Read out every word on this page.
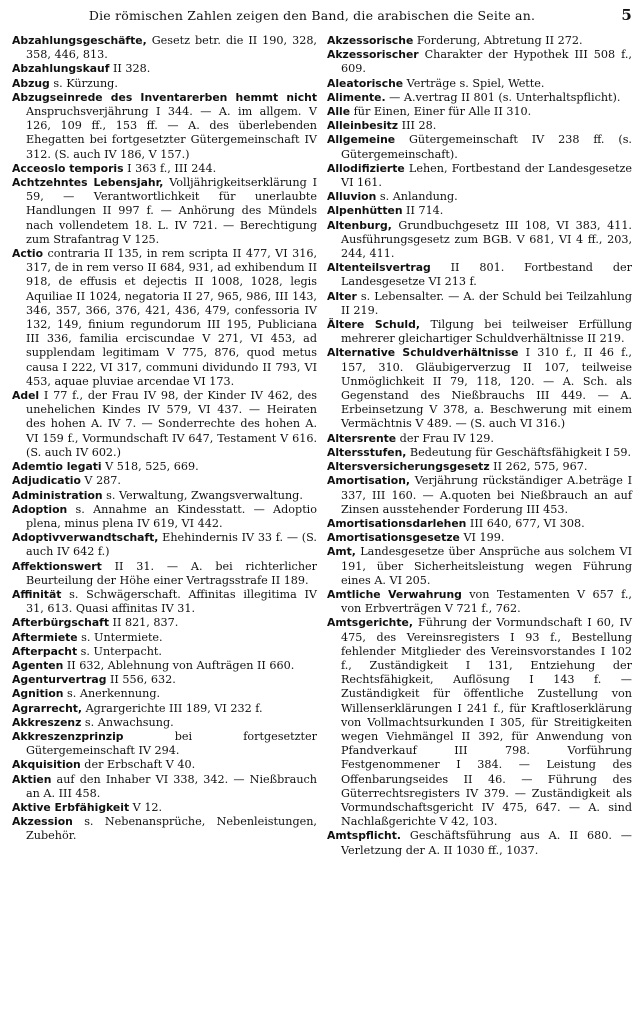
Die römischen Zahlen zeigen den Band, die arabischen die Seite an.	5

Abzahlungsgeschäfte, Gesetz betr. die II 190, 328, 358, 446, 813.

Abzahlungskauf II 328.

Abzug s. Kürzung.

Abzugseinrede des Inventarerben hemmt nicht Anspruchsverjährung I 344. — A. im allgem. V 126, 109 ff., 153 ff. — A. des überlebenden Ehegatten bei fortgesetzter Gütergemeinschaft IV 312. (S. auch IV 186, V 157.)

Acceoslo temporis I 363 f., III 244.

Achtzehntes Lebensjahr, Volljährigkeitserklärung I 59, — Verantwortlichkeit für unerlaubte Handlungen II 997 f. — Anhörung des Mündels nach vollendetem 18. L. IV 721. — Berechtigung zum Strafantrag V 125.

Actio contraria II 135, in rem scripta II 477, VI 316, 317, de in rem verso II 684, 931, ad exhibendum II 918, de effusis et dejectis II 1008, 1028, legis Aquiliae II 1024, negatoria II 27, 965, 986, III 143, 346, 357, 366, 376, 421, 436, 479, confessoria IV 132, 149, finium regundorum III 195, Publiciana III 336, familia erciscundae V 271, VI 453, ad supplendam legitimam V 775, 876, quod metus causa I 222, VI 317, communi dividundo II 793, VI 453, aquae pluviae arcendae VI 173.

Adel I 77 f., der Frau IV 98, der Kinder IV 462, des unehelichen Kindes IV 579, VI 437. — Heiraten des hohen A. IV 7. — Sonderrechte des hohen A. VI 159 f., Vormundschaft IV 647, Testament V 616. (S. auch IV 602.)

Ademtio legati V 518, 525, 669.

Adjudicatio V 287.

Administration s. Verwaltung, Zwangsverwaltung.

Adoption s. Annahme an Kindesstatt. — Adoptio plena, minus plena IV 619, VI 442.

Adoptivverwandtschaft, Ehehindernis IV 33 f. — (S. auch IV 642 f.)

Affektionswert II 31. — A. bei richterlicher Beurteilung der Höhe einer Vertragsstrafe II 189.

Affinität s. Schwägerschaft. Affinitas illegitima IV 31, 613. Quasi affinitas IV 31.

Afterbürgschaft II 821, 837.

Aftermiete s. Untermiete.

Afterpacht s. Unterpacht.

Agenten II 632, Ablehnung von Aufträgen II 660.

Agenturvertrag II 556, 632.

Agnition s. Anerkennung.

Agrarrecht, Agrargerichte III 189, VI 232 f.

Akkreszenz s. Anwachsung.

Akkreszenzprinzip bei fortgesetzter Gütergemeinschaft IV 294.

Akquisition der Erbschaft V 40.

Aktien auf den Inhaber VI 338, 342. — Nießbrauch an A. III 458.

Aktive Erbfähigkeit V 12.

Akzession s. Nebenansprüche, Nebenleistungen, Zubehör.

Akzessorische Forderung, Abtretung II 272.

Akzessorischer Charakter der Hypothek III 508 f., 609.

Aleatorische Verträge s. Spiel, Wette.

Alimente. — A.vertrag II 801 (s. Unterhaltspflicht).

Alle für Einen, Einer für Alle II 310.

Alleinbesitz III 28.

Allgemeine Gütergemeinschaft IV 238 ff. (s. Gütergemeinschaft).

Allodifizierte Lehen, Fortbestand der Landesgesetze VI 161.

Alluvion s. Anlandung.

Alpenhütten II 714.

Altenburg, Grundbuchgesetz III 108, VI 383, 411. Ausführungsgesetz zum BGB. V 681, VI 4 ff., 203, 244, 411.

Altenteilsvertrag II 801. Fortbestand der Landesgesetze VI 213 f.

Alter s. Lebensalter. — A. der Schuld bei Teilzahlung II 219.

Ältere Schuld, Tilgung bei teilweiser Erfüllung mehrerer gleichartiger Schuldverhältnisse II 219.

Alternative Schuldverhältnisse I 310 f., II 46 f., 157, 310. Gläubigerverzug II 107, teilweise Unmöglichkeit II 79, 118, 120. — A. Sch. als Gegenstand des Nießbrauchs III 449. — A. Erbeinsetzung V 378, a. Beschwerung mit einem Vermächtnis V 489. — (S. auch VI 316.)

Altersrente der Frau IV 129.

Altersstufen, Bedeutung für Geschäftsfähigkeit I 59.

Altersversicherungsgesetz II 262, 575, 967.

Amortisation, Verjährung rückständiger A.beträge I 337, III 160. — A.quoten bei Nießbrauch an auf Zinsen ausstehender Forderung III 453.

Amortisationsdarlehen III 640, 677, VI 308.

Amortisationsgesetze VI 199.

Amt, Landesgesetze über Ansprüche aus solchem VI 191, über Sicherheitsleistung wegen Führung eines A. VI 205.

Amtliche Verwahrung von Testamenten V 657 f., von Erbverträgen V 721 f., 762.

Amtsgerichte, Führung der Vormundschaft I 60, IV 475, des Vereinsregisters I 93 f., Bestellung fehlender Mitglieder des Vereinsvorstandes I 102 f., Zuständigkeit I 131, Entziehung der Rechtsfähigkeit, Auflösung I 143 f. — Zuständigkeit für öffentliche Zustellung von Willenserklärungen I 241 f., für Kraftloserklärung von Vollmachtsurkunden I 305, für Streitigkeiten wegen Viehmängel II 392, für Anwendung von Pfandverkauf III 798. Vorführung Festgenommener I 384. — Leistung des Offenbarungseides II 46. — Führung des Güterrechtsregisters IV 379. — Zuständigkeit als Vormundschaftsgericht IV 475, 647. — A. sind Nachlaßgerichte V 42, 103.

Amtspflicht. Geschäftsführung aus A. II 680. — Verletzung der A. II 1030 ff., 1037.
